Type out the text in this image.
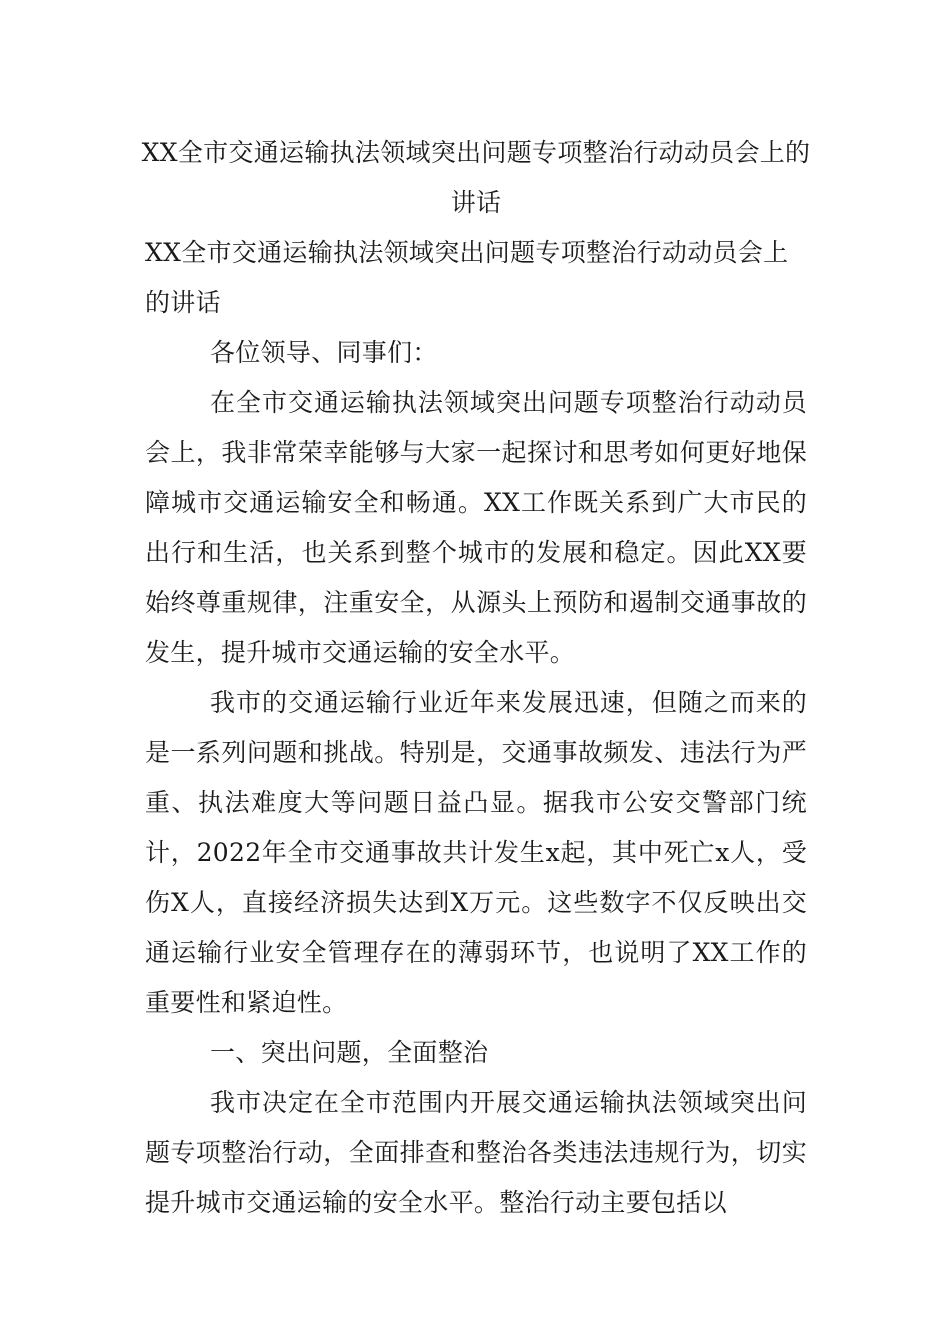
XX全市交通运输执法领域突出问题专项整治行动动员会上的讲话

XX全市交通运输执法领域突出问题专项整治行动动员会上的讲话

各位领导、同事们：

在全市交通运输执法领域突出问题专项整治行动动员会上，我非常荣幸能够与大家一起探讨和思考如何更好地保障城市交通运输安全和畅通。XX工作既关系到广大市民的出行和生活，也关系到整个城市的发展和稳定。因此XX要始终尊重规律，注重安全，从源头上预防和遏制交通事故的发生，提升城市交通运输的安全水平。

我市的交通运输行业近年来发展迅速，但随之而来的是一系列问题和挑战。特别是，交通事故频发、违法行为严重、执法难度大等问题日益凸显。据我市公安交警部门统计，2022年全市交通事故共计发生x起，其中死亡x人，受伤X人，直接经济损失达到X万元。这些数字不仅反映出交通运输行业安全管理存在的薄弱环节，也说明了XX工作的重要性和紧迫性。

一、突出问题，全面整治

我市决定在全市范围内开展交通运输执法领域突出问题专项整治行动，全面排查和整治各类违法违规行为，切实提升城市交通运输的安全水平。整治行动主要包括以
